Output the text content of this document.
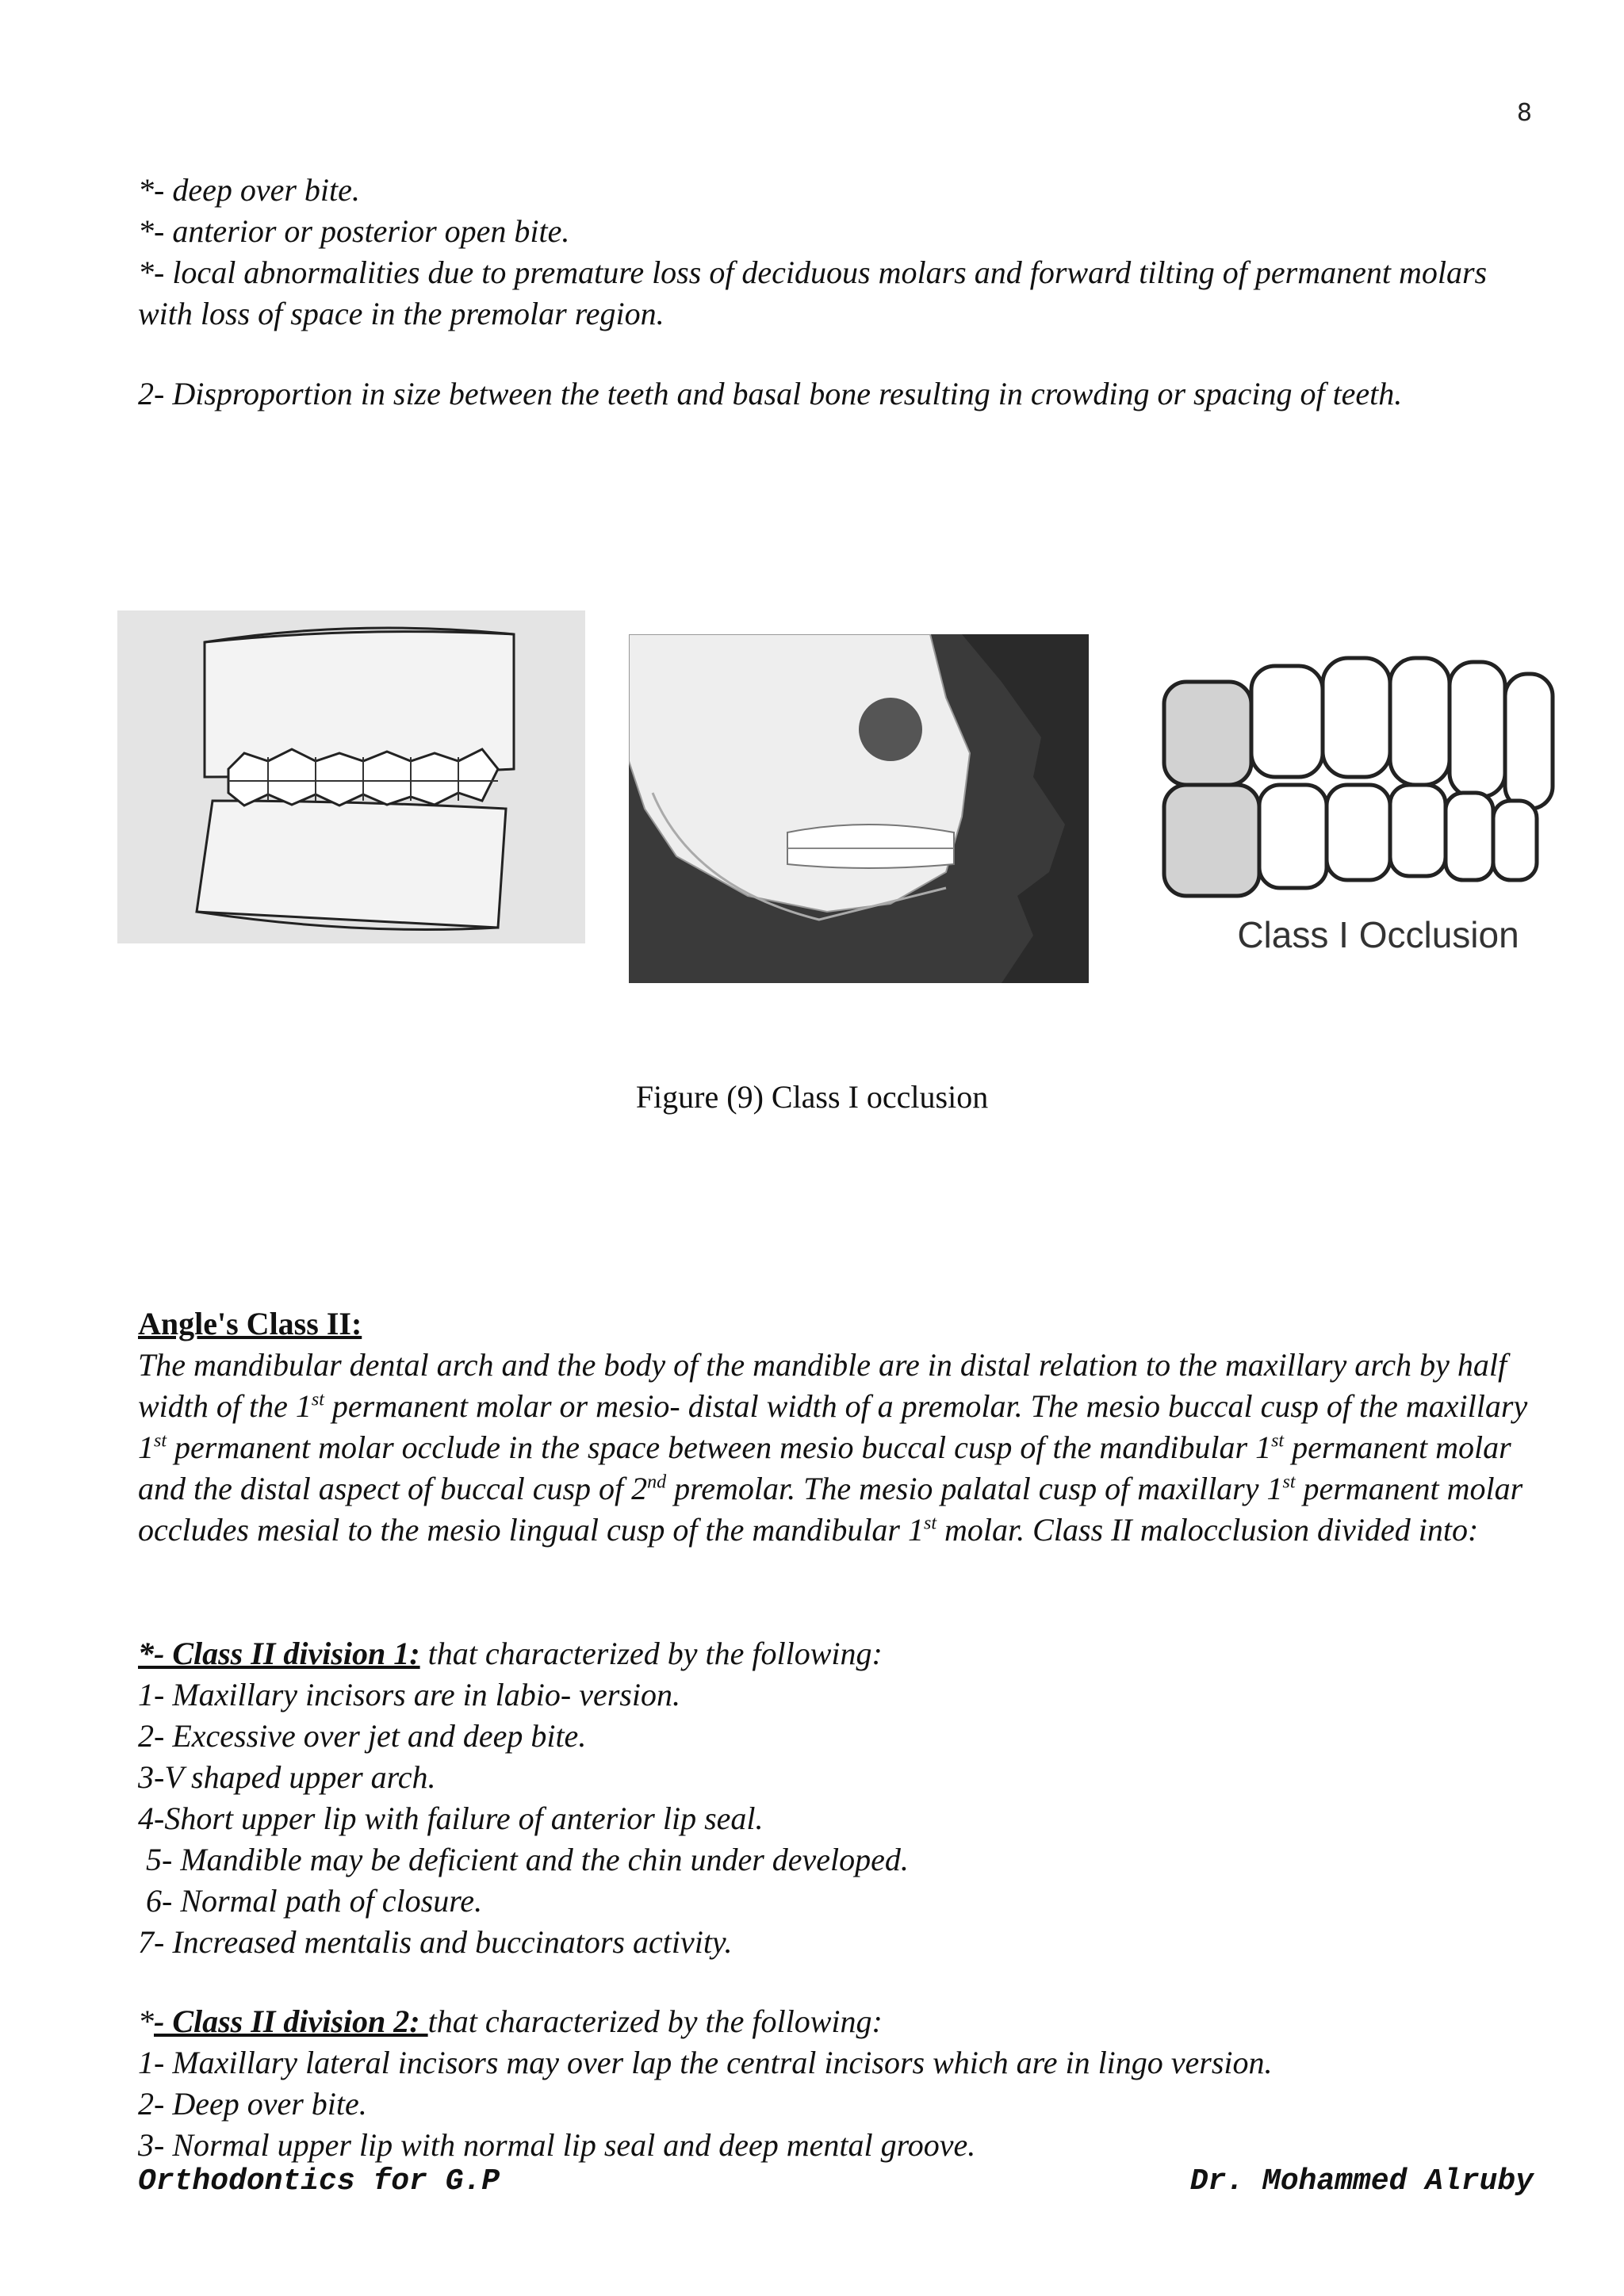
8

*- deep over bite.

*- anterior or posterior open bite.

*- local abnormalities due to premature loss of deciduous molars and forward tilting of permanent molars with loss of space in the premolar region.

2- Disproportion in size between the teeth and basal bone resulting in crowding or spacing of teeth.

Class I Occlusion
Figure (9) Class I occlusion

Angle's Class II:

The mandibular dental arch and the body of the mandible are in distal relation to the maxillary arch by half width of the 1st permanent molar or mesio- distal width of a premolar. The mesio buccal cusp of the maxillary 1st permanent molar occlude in the space between mesio buccal cusp of the mandibular 1st permanent molar and the distal aspect of buccal cusp of 2nd premolar. The mesio palatal cusp of maxillary 1st permanent molar occludes mesial to the mesio lingual cusp of the mandibular 1st molar. Class II malocclusion divided into:

*- Class II division 1: that characterized by the following:

1- Maxillary incisors are in labio- version.

2- Excessive over jet and deep bite.

3-V shaped upper arch.

4-Short upper lip with failure of anterior lip seal.

5- Mandible may be deficient and the chin under developed.

6- Normal path of closure.

7- Increased mentalis and buccinators activity.

*- Class II division 2: that characterized by the following:

1- Maxillary lateral incisors may over lap the central incisors which are in lingo version.

2- Deep over bite.

3- Normal upper lip with normal lip seal and deep mental groove.

Orthodontics for G.P	Dr. Mohammed Alruby
